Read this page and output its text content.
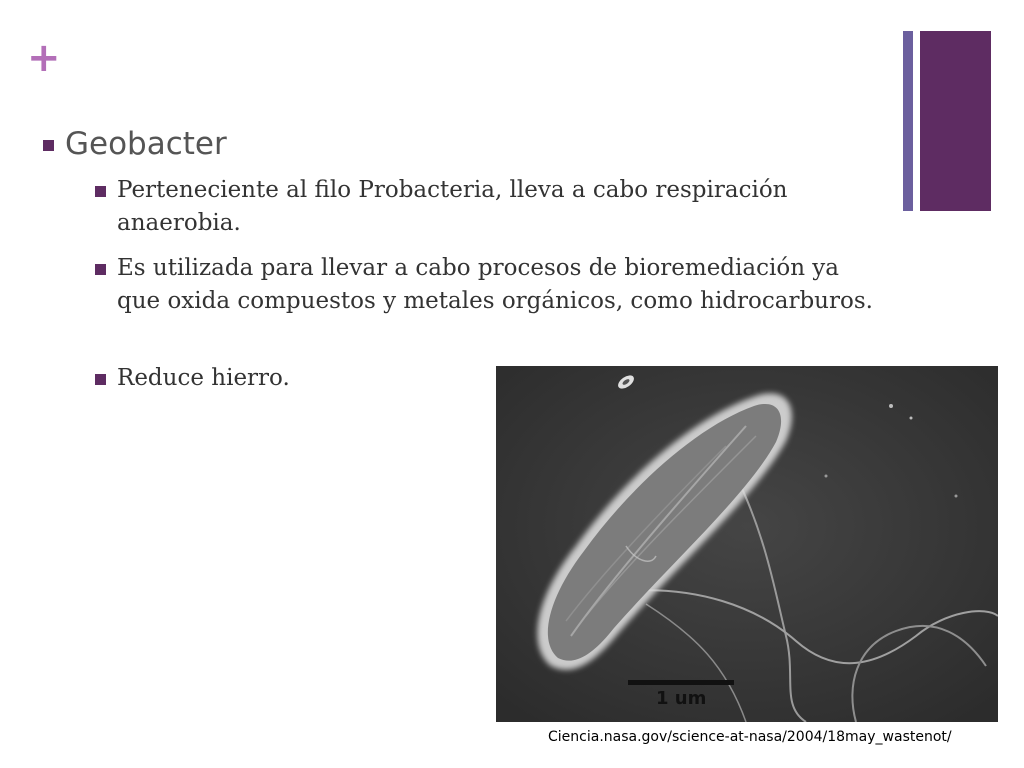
+
Geobacter
Perteneciente al filo Probacteria, lleva a cabo respiración anaerobia.
Es utilizada para llevar a cabo procesos de bioremediación ya que oxida compuestos y metales orgánicos, como hidrocarburos.
Reduce hierro.
1 um
Ciencia.nasa.gov/science-at-nasa/2004/18may_wastenot/
